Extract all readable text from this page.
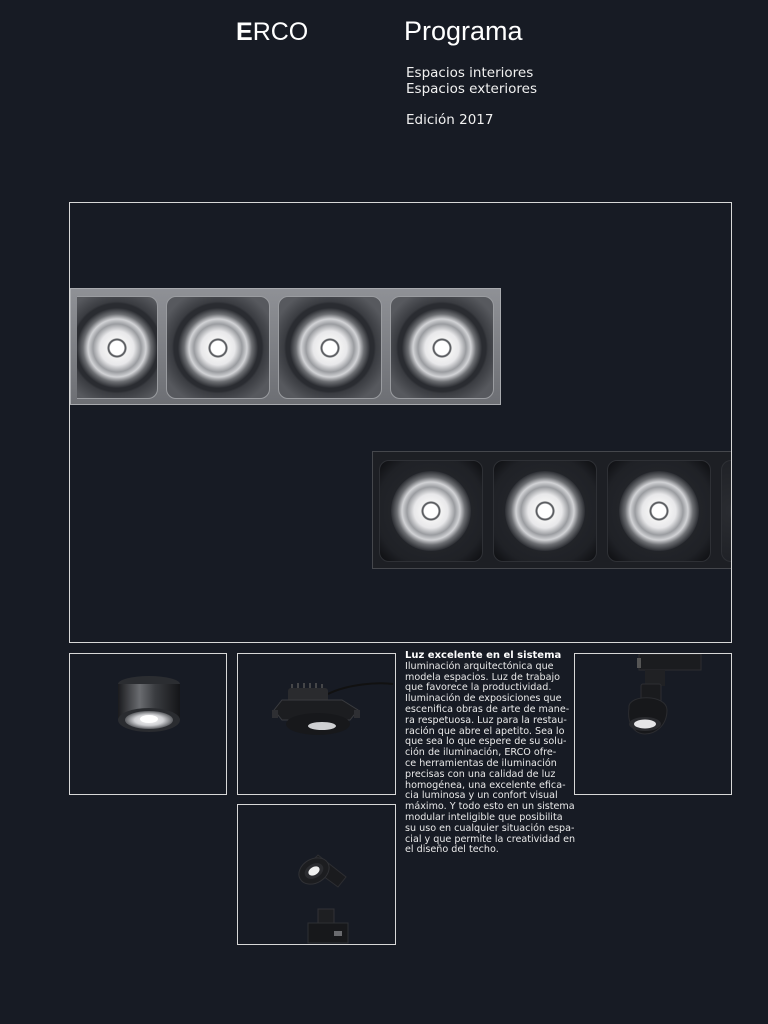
ERCO	Programa
Espacios interiores
Espacios exteriores
Edición 2017
Luz excelente en el sistema
Iluminación arquitectónica que
modela espacios. Luz de trabajo
que favorece la productividad.
Iluminación de exposiciones que
escenifica obras de arte de mane-
ra respetuosa. Luz para la restau-
ración que abre el apetito. Sea lo
que sea lo que espere de su solu-
ción de iluminación, ERCO ofre-
ce herramientas de iluminación
precisas con una calidad de luz
homogénea, una excelente efica-
cia luminosa y un confort visual
máximo. Y todo esto en un sistema
modular inteligible que posibilita
su uso en cualquier situación espa-
cial y que permite la creatividad en
el diseño del techo.
